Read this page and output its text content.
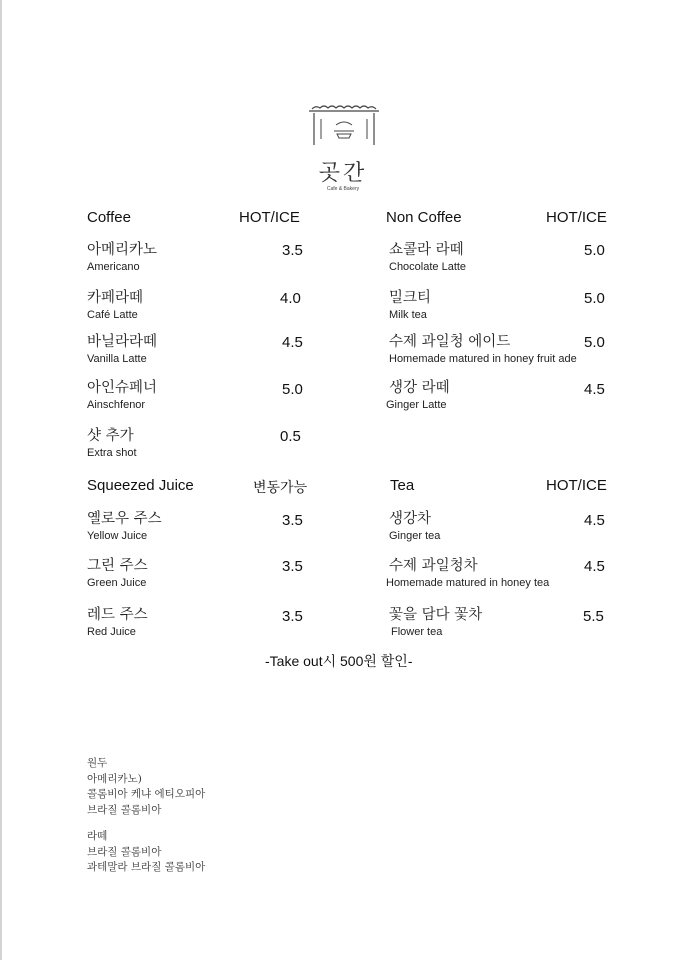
곳간
Cafe & Bakery
Coffee	HOT/ICE
아메리카노
Americano
3.5
카페라떼
Café Latte
4.0
바닐라라떼
Vanilla Latte
4.5
아인슈페너
Ainschfenor
5.0
샷 추가
Extra shot
0.5
Non Coffee	HOT/ICE
쇼콜라 라떼
Chocolate Latte
5.0
밀크티
Milk tea
5.0
수제 과일청 에이드
Homemade matured in honey fruit ade
5.0
생강 라떼
Ginger Latte
4.5
Squeezed Juice	변동가능
옐로우 주스
Yellow Juice
3.5
그린 주스
Green Juice
3.5
레드 주스
Red Juice
3.5
Tea	HOT/ICE
생강차
Ginger tea
4.5
수제 과일청차
Homemade matured in honey tea
4.5
꽃을 담다 꽃차
Flower tea
5.5
-Take out시 500원 할인-
원두
아메리카노)
콜롬비아 케냐 에티오피아
브라질 콜롬비아
라떼
브라질 콜롬비아
과테말라 브라질 콜롬비아
